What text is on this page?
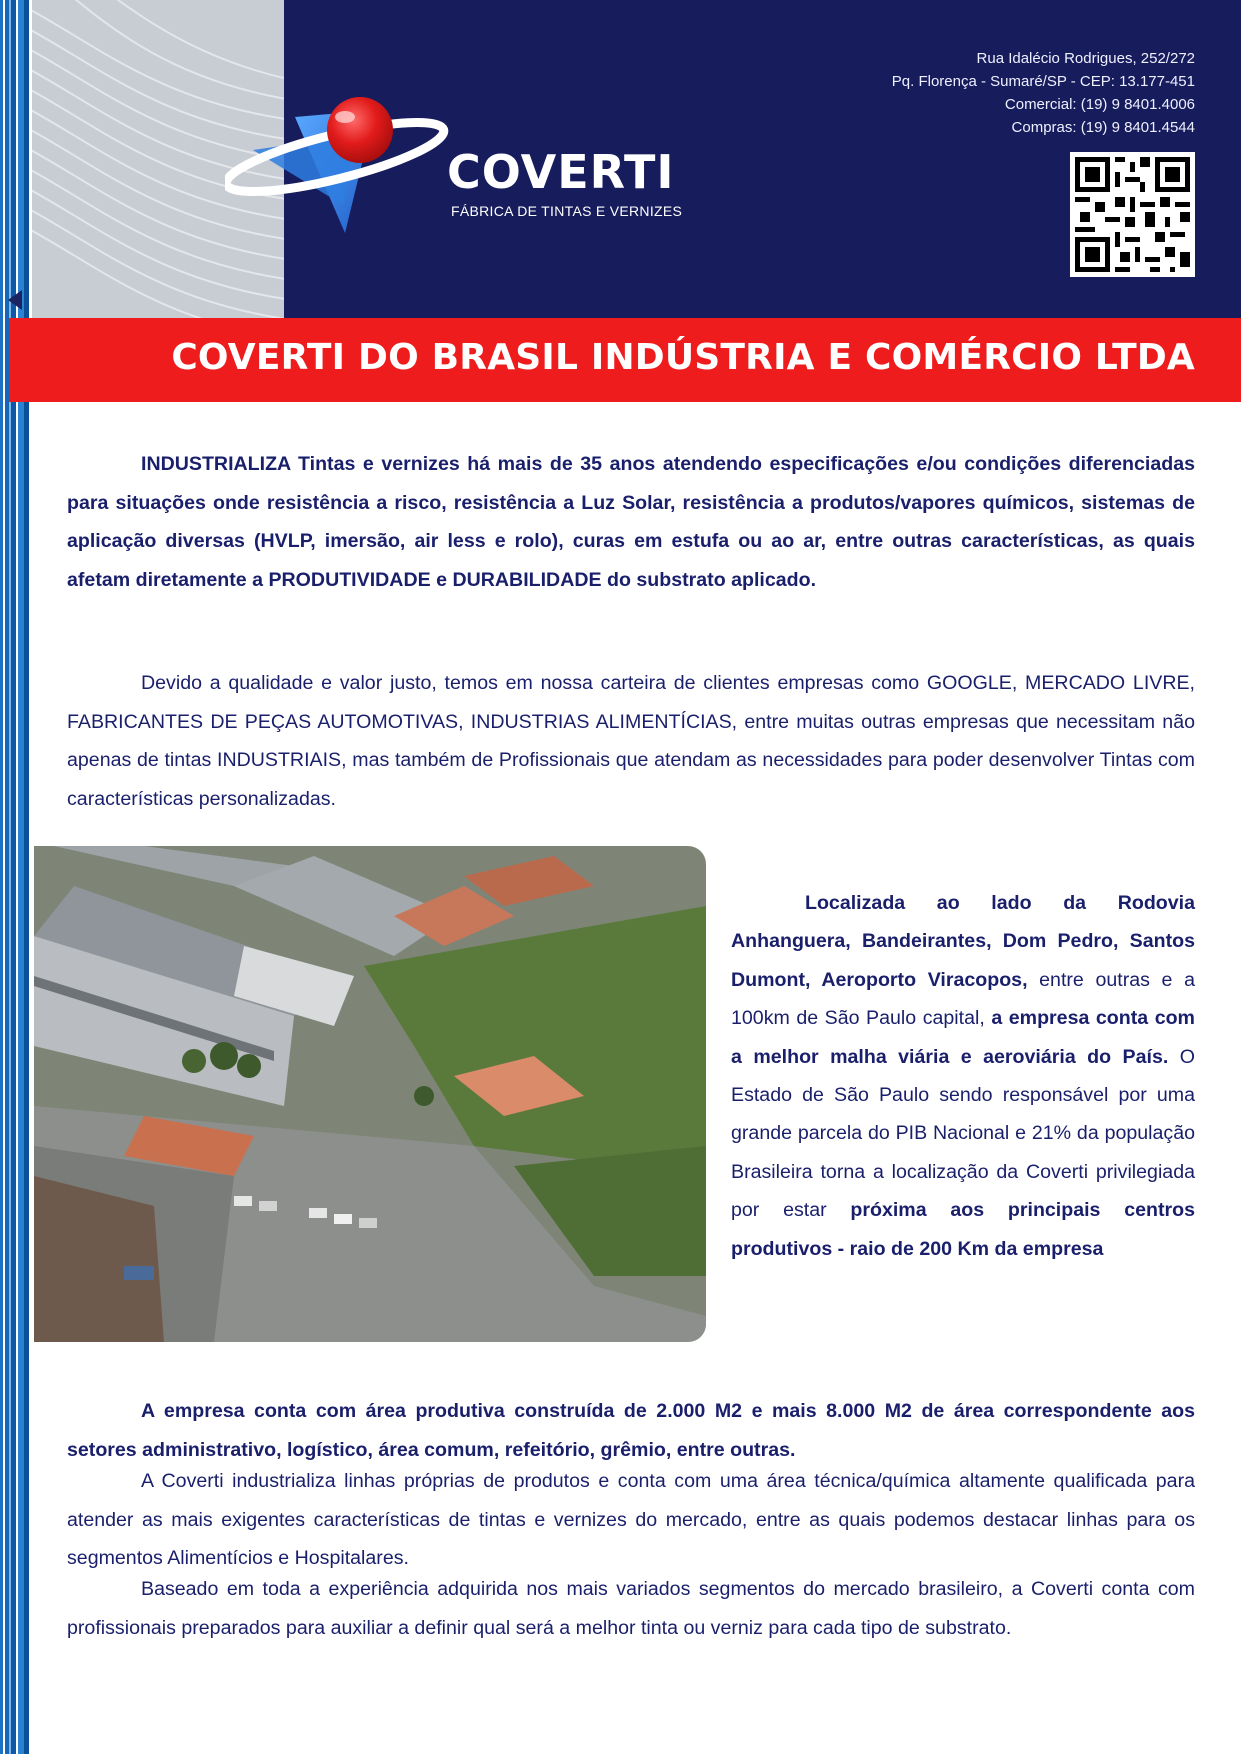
COVERTI
FÁBRICA DE TINTAS E VERNIZES
Rua Idalécio Rodrigues, 252/272
Pq. Florença - Sumaré/SP - CEP: 13.177-451
Comercial: (19) 9 8401.4006
Compras: (19) 9 8401.4544
COVERTI DO BRASIL INDÚSTRIA E COMÉRCIO LTDA

INDUSTRIALIZA Tintas e vernizes há mais de 35 anos atendendo especificações e/ou condições diferenciadas para situações onde resistência a risco, resistência a Luz Solar, resistência a produtos/vapores químicos, sistemas de aplicação diversas (HVLP, imersão, air less e rolo), curas em estufa ou ao ar, entre outras características, as quais afetam diretamente a PRODUTIVIDADE e DURABILIDADE do substrato aplicado.

Devido a qualidade e valor justo, temos em nossa carteira de clientes empresas como GOOGLE, MERCADO LIVRE, FABRICANTES DE PEÇAS AUTOMOTIVAS, INDUSTRIAS ALIMENTÍCIAS, entre muitas outras empresas que necessitam não apenas de tintas INDUSTRIAIS, mas também de Profissionais que atendam as necessidades para poder desenvolver Tintas com características personalizadas.

Localizada ao lado da Rodovia Anhanguera, Bandeirantes, Dom Pedro, Santos Dumont, Aeroporto Viracopos, entre outras e a 100km de São Paulo capital, a empresa conta com a melhor malha viária e aeroviária do País. O Estado de São Paulo sendo responsável por uma grande parcela do PIB Nacional e 21% da população Brasileira torna a localização da Coverti privilegiada por estar próxima aos principais centros produtivos - raio de 200 Km da empresa

A empresa conta com área produtiva construída de 2.000 M2 e mais 8.000 M2 de área correspondente aos setores administrativo, logístico, área comum, refeitório, grêmio, entre outras.

A Coverti industrializa linhas próprias de produtos e conta com uma área técnica/química altamente qualificada para atender as mais exigentes características de tintas e vernizes do mercado, entre as quais podemos destacar linhas para os segmentos Alimentícios e Hospitalares.

Baseado em toda a experiência adquirida nos mais variados segmentos do mercado brasileiro, a Coverti conta com profissionais preparados para auxiliar a definir qual será a melhor tinta ou verniz para cada tipo de substrato.
